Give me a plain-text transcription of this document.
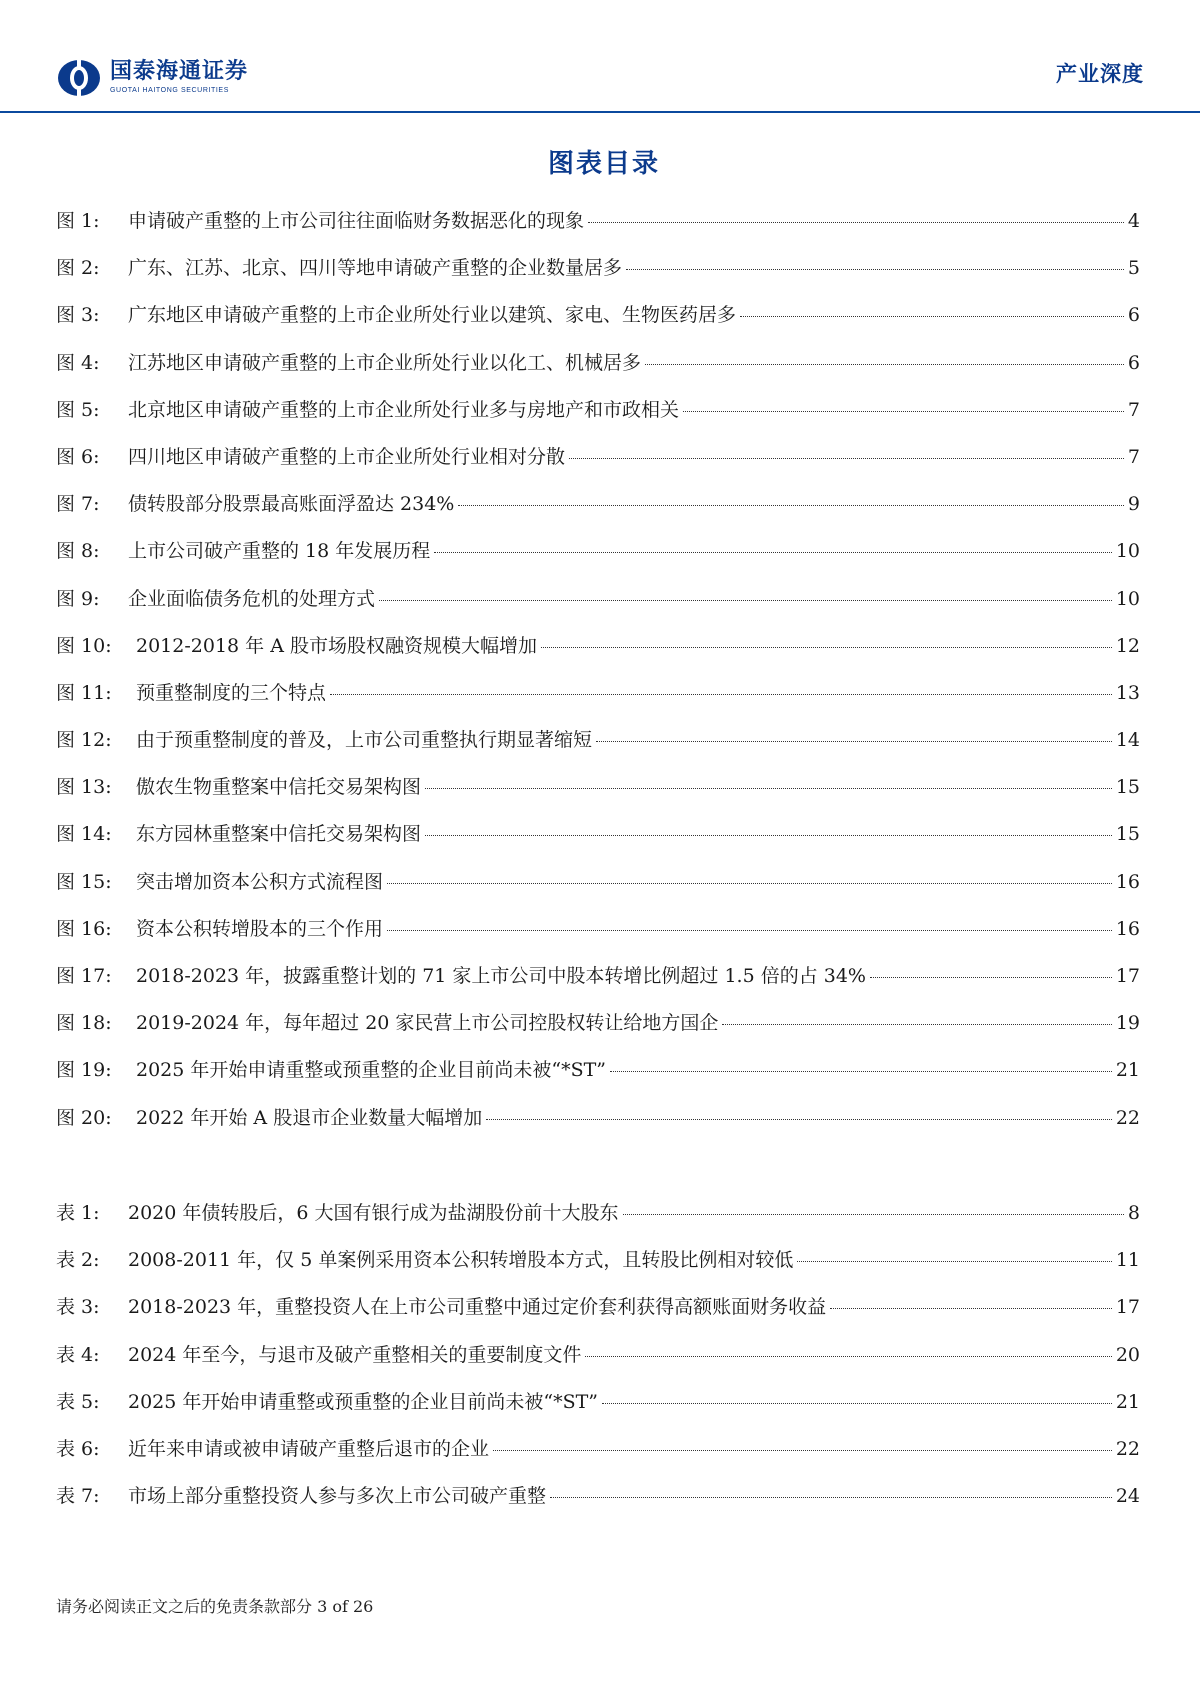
国泰海通证券
GUOTAI HAITONG SECURITIES
产业深度
图表目录
图 1:	申请破产重整的上市公司往往面临财务数据恶化的现象	4
图 2:	广东、江苏、北京、四川等地申请破产重整的企业数量居多	5
图 3:	广东地区申请破产重整的上市企业所处行业以建筑、家电、生物医药居多	6
图 4:	江苏地区申请破产重整的上市企业所处行业以化工、机械居多	6
图 5:	北京地区申请破产重整的上市企业所处行业多与房地产和市政相关	7
图 6:	四川地区申请破产重整的上市企业所处行业相对分散	7
图 7:	债转股部分股票最高账面浮盈达 234%	9
图 8:	上市公司破产重整的 18 年发展历程	10
图 9:	企业面临债务危机的处理方式	10
图 10:	2012-2018 年 A 股市场股权融资规模大幅增加	12
图 11:	预重整制度的三个特点	13
图 12:	由于预重整制度的普及，上市公司重整执行期显著缩短	14
图 13:	傲农生物重整案中信托交易架构图	15
图 14:	东方园林重整案中信托交易架构图	15
图 15:	突击增加资本公积方式流程图	16
图 16:	资本公积转增股本的三个作用	16
图 17:	2018-2023 年，披露重整计划的 71 家上市公司中股本转增比例超过 1.5 倍的占 34%	17
图 18:	2019-2024 年，每年超过 20 家民营上市公司控股权转让给地方国企	19
图 19:	2025 年开始申请重整或预重整的企业目前尚未被“*ST”	21
图 20:	2022 年开始 A 股退市企业数量大幅增加	22
表 1:	2020 年债转股后，6 大国有银行成为盐湖股份前十大股东	8
表 2:	2008-2011 年，仅 5 单案例采用资本公积转增股本方式，且转股比例相对较低	11
表 3:	2018-2023 年，重整投资人在上市公司重整中通过定价套利获得高额账面财务收益	17
表 4:	2024 年至今，与退市及破产重整相关的重要制度文件	20
表 5:	2025 年开始申请重整或预重整的企业目前尚未被“*ST”	21
表 6:	近年来申请或被申请破产重整后退市的企业	22
表 7:	市场上部分重整投资人参与多次上市公司破产重整	24
请务必阅读正文之后的免责条款部分 3 of 26
